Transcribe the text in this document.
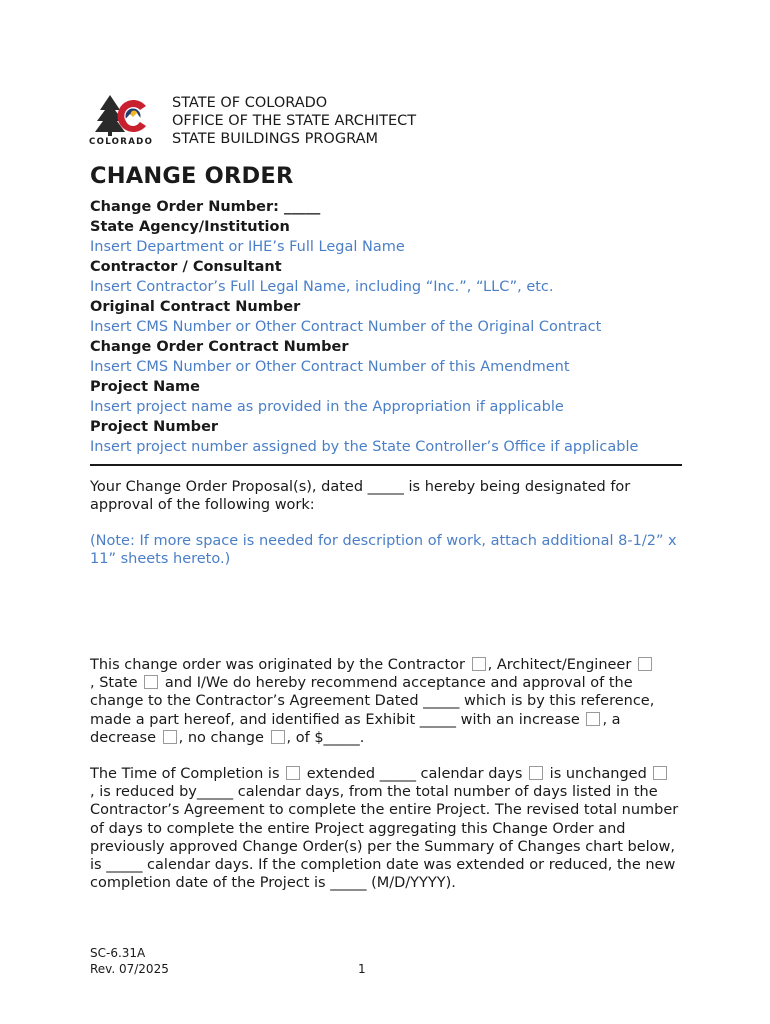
COLORADO
STATE OF COLORADO
OFFICE OF THE STATE ARCHITECT
STATE BUILDINGS PROGRAM
CHANGE ORDER
Change Order Number: _____
State Agency/Institution
Insert Department or IHE’s Full Legal Name
Contractor / Consultant
Insert Contractor’s Full Legal Name, including “Inc.”, “LLC”, etc.
Original Contract Number
Insert CMS Number or Other Contract Number of the Original Contract
Change Order Contract Number
Insert CMS Number or Other Contract Number of this Amendment
Project Name
Insert project name as provided in the Appropriation if applicable
Project Number
Insert project number assigned by the State Controller’s Office if applicable
Your Change Order Proposal(s), dated _____ is hereby being designated for approval of the following work:
(Note: If more space is needed for description of work, attach additional 8-1/2” x 11” sheets hereto.)
This change order was originated by the Contractor , Architect/Engineer
, State  and I/We do hereby recommend acceptance and approval of the change to the Contractor’s Agreement Dated _____ which is by this reference, made a part hereof, and identified as Exhibit _____ with an increase , a decrease , no change , of $_____.
The Time of Completion is  extended _____ calendar days  is unchanged
, is reduced by_____ calendar days, from the total number of days listed in the Contractor’s Agreement to complete the entire Project. The revised total number of days to complete the entire Project aggregating this Change Order and previously approved Change Order(s) per the Summary of Changes chart below, is _____ calendar days. If the completion date was extended or reduced, the new completion date of the Project is _____ (M/D/YYYY).
SC-6.31A
Rev. 07/2025	1
